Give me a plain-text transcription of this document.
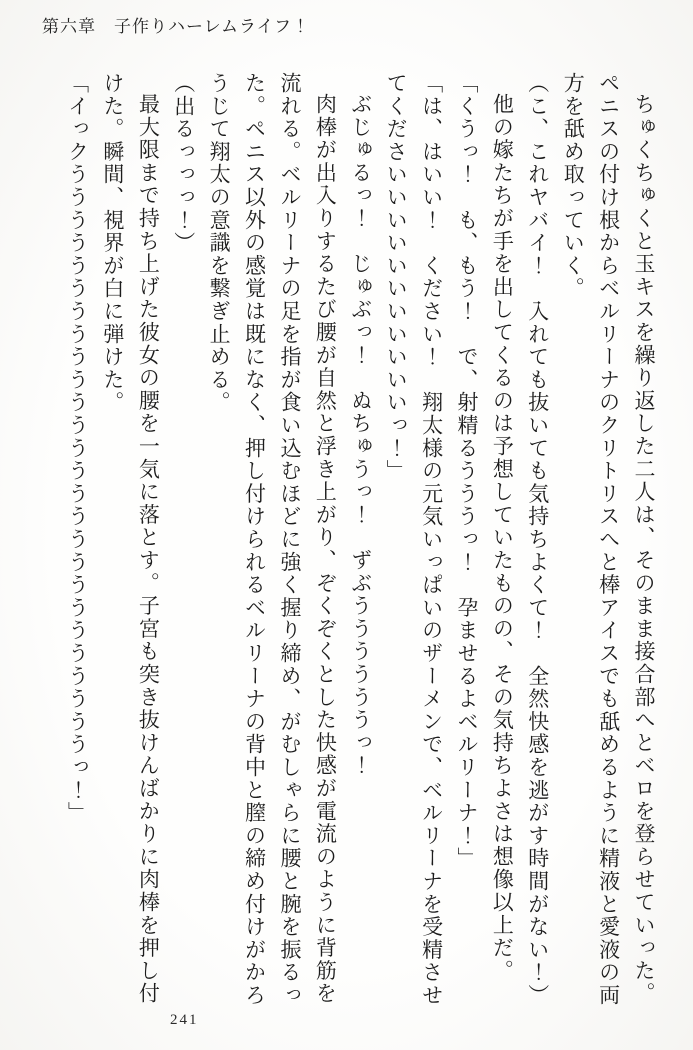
第六章　子作りハーレムライフ！

ちゅくちゅくと玉キスを繰り返した二人は、そのまま接合部へとベロを登らせていった。ペニスの付け根からベルリーナのクリトリスへと棒アイスでも舐めるように精液と愛液の両方を舐め取っていく。

（こ、これヤバイ！　入れても抜いても気持ちよくて！　全然快感を逃がす時間がない！）

他の嫁たちが手を出してくるのは予想していたものの、その気持ちよさは想像以上だ。

「くうっ！　も、もう！　で、射精るうううっ！　孕ませるよベルリーナ！」

「は、はいい！　ください！　翔太様の元気いっぱいのザーメンで、ベルリーナを受精させてくださいいいいいいいいいいいっ！」

ぶじゅるっ！　じゅぶっ！　ぬちゅうっ！　ずぶううううううっ！

肉棒が出入りするたび腰が自然と浮き上がり、ぞくぞくとした快感が電流のように背筋を流れる。ベルリーナの足を指が食い込むほどに強く握り締め、がむしゃらに腰と腕を振るった。ペニス以外の感覚は既になく、押し付けられるベルリーナの背中と膣の締め付けがかろうじて翔太の意識を繋ぎ止める。

（出るっっっ！）

最大限まで持ち上げた彼女の腰を一気に落とす。子宮も突き抜けんばかりに肉棒を押し付けた。瞬間、視界が白に弾けた。

「イっクううううううううううううううううううううううううううっ！」

241
